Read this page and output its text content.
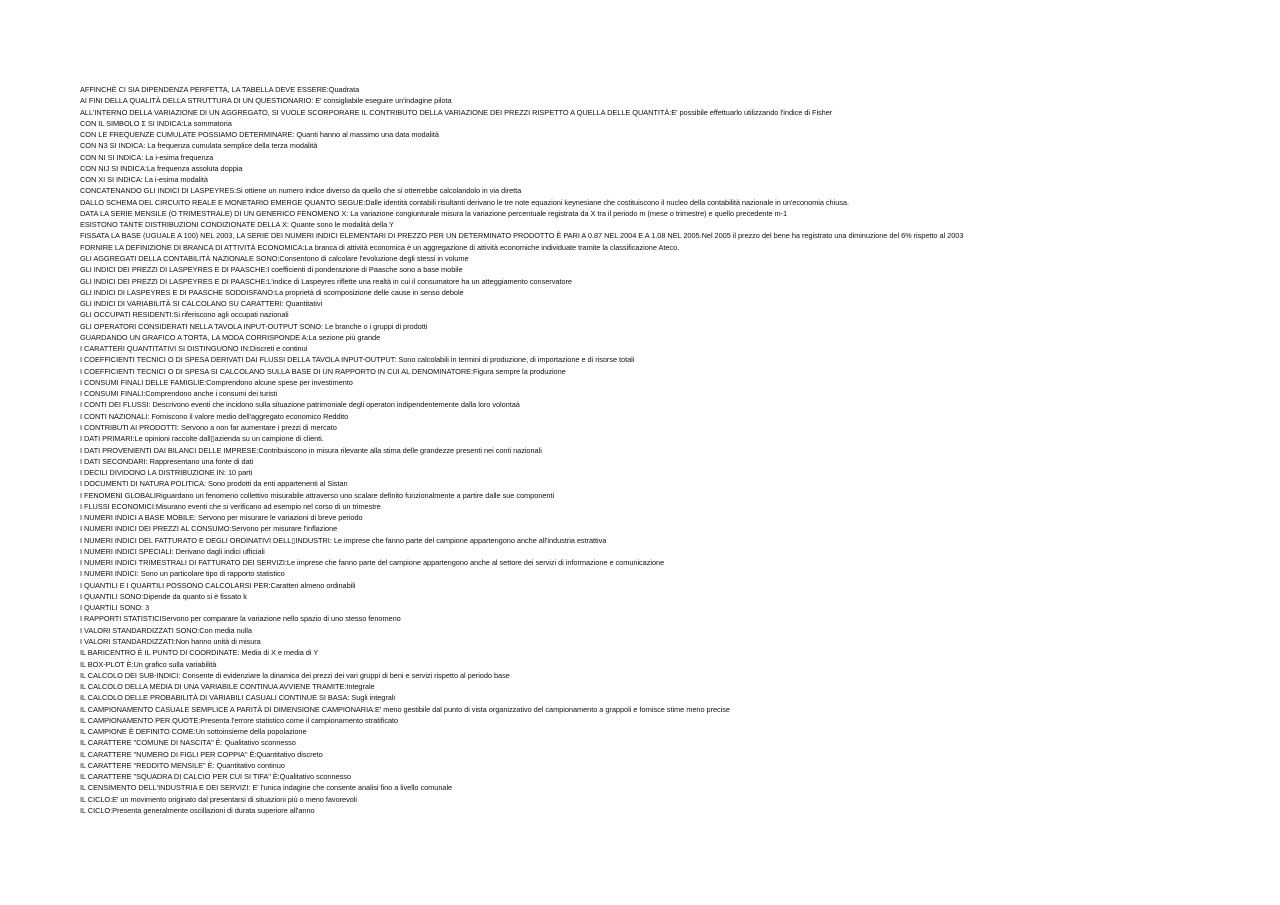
AFFINCHÈ CI SIA DIPENDENZA PERFETTA, LA TABELLA DEVE ESSERE:Quadrata
AI FINI DELLA QUALITÀ DELLA STRUTTURA DI UN QUESTIONARIO: E' consigliabile eseguire un'indagine pilota
ALL'INTERNO DELLA VARIAZIONE DI UN AGGREGATO, SI VUOLE SCORPORARE IL CONTRIBUTO DELLA VARIAZIONE DEI PREZZI RISPETTO A QUELLA DELLE QUANTITÀ:E' possibile effettuarlo utilizzando l'indice di Fisher
CON IL SIMBOLO Σ SI INDICA:La sommatoria
CON LE FREQUENZE CUMULATE POSSIAMO DETERMINARE: Quanti hanno al massimo una data modalità
CON N3 SI INDICA: La frequenza cumulata semplice della terza modalità
CON NI SI INDICA: La i-esima frequenza
CON NIJ SI INDICA:La frequenza assoluta doppia
CON XI SI INDICA: La i-esima modalità
CONCATENANDO GLI INDICI DI LASPEYRES:Si ottiene un numero indice diverso da quello che si otterrebbe calcolandolo in via diretta
DALLO SCHEMA DEL CIRCUITO REALE E MONETARIO EMERGE QUANTO SEGUE:Dalle identità contabili risultanti derivano le tre note equazioni keynesiane che costituiscono il nucleo della contabilità nazionale in un'economia chiusa.
DATA LA SERIE MENSILE (O TRIMESTRALE) DI UN GENERICO FENOMENO X: La variazione congiunturale misura la variazione percentuale registrata da X tra il periodo m (mese o trimestre) e quello precedente m-1
ESISTONO TANTE DISTRIBUZIONI CONDIZIONATE DELLA X: Quante sono le modalità della Y
FISSATA LA BASE (UGUALE A 100) NEL 2003, LA SERIE DEI NUMERI INDICI ELEMENTARI DI PREZZO PER UN DETERMINATO PRODOTTO È PARI A 0.87 NEL 2004 E A 1.08 NEL 2005.Nel 2005 il prezzo del bene ha registrato una diminuzione del 6% rispetto al 2003
FORNIRE LA DEFINIZIONE DI BRANCA DI ATTIVITÀ ECONOMICA:La branca di attività economica è un aggregazione di attività economiche individuate tramite la classificazione Ateco.
GLI AGGREGATI DELLA CONTABILITÀ NAZIONALE SONO:Consentono di calcolare l'evoluzione degli stessi in volume
GLI INDICI DEI PREZZI DI LASPEYRES E DI PAASCHE:I coefficienti di ponderazione di Paasche sono a base mobile
GLI INDICI DEI PREZZI DI LASPEYRES E DI PAASCHE:L'indice di Laspeyres riflette una realtà in cui il consumatore ha un atteggiamento conservatore
GLI INDICI DI LASPEYRES E DI PAASCHE SODDISFANO:La proprietà di scomposizione delle cause in senso debole
GLI INDICI DI VARIABILITÀ SI CALCOLANO SU CARATTERI: Quantitativi
GLI OCCUPATI RESIDENTI:Si riferiscono agli occupati nazionali
GLI OPERATORI CONSIDERATI NELLA TAVOLA INPUT-OUTPUT SONO: Le branche o i gruppi di prodotti
GUARDANDO UN GRAFICO A TORTA, LA MODA CORRISPONDE A:La sezione più grande
I CARATTERI QUANTITATIVI SI DISTINGUONO IN:Discreti e continui
I COEFFICIENTI TECNICI O DI SPESA DERIVATI DAI FLUSSI DELLA TAVOLA INPUT-OUTPUT: Sono calcolabili in termini di produzione, di importazione e di risorse totali
I COEFFICIENTI TECNICI O DI SPESA SI CALCOLANO SULLA BASE DI UN RAPPORTO IN CUI AL DENOMINATORE:Figura sempre la produzione
I CONSUMI FINALI DELLE FAMIGLIE:Comprendono alcune spese per investimento
I CONSUMI FINALI:Comprendono anche i consumi dei turisti
I CONTI DEI FLUSSI: Descrivono eventi che incidono sulla situazione patrimoniale degli operatori indipendentemente dalla loro volontaà
I CONTI NAZIONALI: Forniscono il valore medio dell'aggregato economico Reddito
I CONTRIBUTI AI PRODOTTI: Servono a non far aumentare i prezzi di mercato
I DATI PRIMARI:Le opinioni raccolte dall▯azienda su un campione di clienti.
I DATI PROVENIENTI DAI BILANCI DELLE IMPRESE:Contribuiscono in misura rilevante alla stima delle grandezze presenti nei conti nazionali
I DATI SECONDARI: Rappresentano una fonte di dati
I DECILI DIVIDONO LA DISTRIBUZIONE IN: 10 parti
I DOCUMENTI DI NATURA POLITICA: Sono prodotti da enti appartenenti al Sistan
I FENOMENI GLOBALIRiguardano un fenomeno collettivo misurabile attraverso uno scalare definito funzionalmente a partire dalle sue componenti
I FLUSSI ECONOMICI:Misurano eventi che si verificano ad esempio nel corso di un trimestre
I NUMERI INDICI A BASE MOBILE: Servono per misurare le variazioni di breve periodo
I NUMERI INDICI DEI PREZZI AL CONSUMO:Servono per misurare l'inflazione
I NUMERI INDICI DEL FATTURATO E DEGLI ORDINATIVI DELL▯INDUSTRI: Le imprese che fanno parte del campione appartengono anche all'industria estrattiva
I NUMERI INDICI SPECIALI: Derivano dagli indici ufficiali
I NUMERI INDICI TRIMESTRALI DI FATTURATO DEI SERVIZI:Le imprese che fanno parte del campione appartengono anche al settore dei servizi di informazione e comunicazione
I NUMERI INDICI: Sono un particolare tipo di rapporto statistico
I QUANTILI E I QUARTILI POSSONO CALCOLARSI PER:Caratteri almeno ordinabili
I QUANTILI SONO:Dipende da quanto si è fissato k
I QUARTILI SONO: 3
I RAPPORTI STATISTICIServono per comparare la variazione nello spazio di uno stesso fenomeno
I VALORI STANDARDIZZATI SONO:Con media nulla
I VALORI STANDARDIZZATI:Non hanno unità di misura
IL BARICENTRO È IL PUNTO DI COORDINATE: Media di X e media di Y
IL BOX-PLOT È:Un grafico sulla variabilità
IL CALCOLO DEI SUB-INDICI: Consente di evidenziare la dinamica dei prezzi dei vari gruppi di beni e servizi rispetto al periodo base
IL CALCOLO DELLA MEDIA DI UNA VARIABILE CONTINUA AVVIENE TRAMITE:Integrale
IL CALCOLO DELLE PROBABILITÀ DI VARIABILI CASUALI CONTINUE SI BASA: Sugli integrali
IL CAMPIONAMENTO CASUALE SEMPLICE A PARITÀ DI DIMENSIONE CAMPIONARIA:E' meno gestibile dal punto di vista organizzativo del campionamento a grappoli e fornisce stime meno precise
IL CAMPIONAMENTO PER QUOTE:Presenta l'errore statistico come il campionamento stratificato
IL CAMPIONE È DEFINITO COME:Un sottoinsieme della popolazione
IL CARATTERE "COMUNE DI NASCITA" È: Qualitativo sconnesso
IL CARATTERE "NUMERO DI FIGLI PER COPPIA" È:Quantitativo discreto
IL CARATTERE "REDDITO MENSILE" È: Quantitativo continuo
IL CARATTERE "SQUADRA DI CALCIO PER CUI SI TIFA" È:Qualitativo sconnesso
IL CENSIMENTO DELL'INDUSTRIA E DEI SERVIZI: E' l'unica indagine che consente analisi fino a livello comunale
IL CICLO:E' un movimento originato dal presentarsi di situazioni più o meno favorevoli
IL CICLO:Presenta generalmente oscillazioni di durata superiore all'anno
